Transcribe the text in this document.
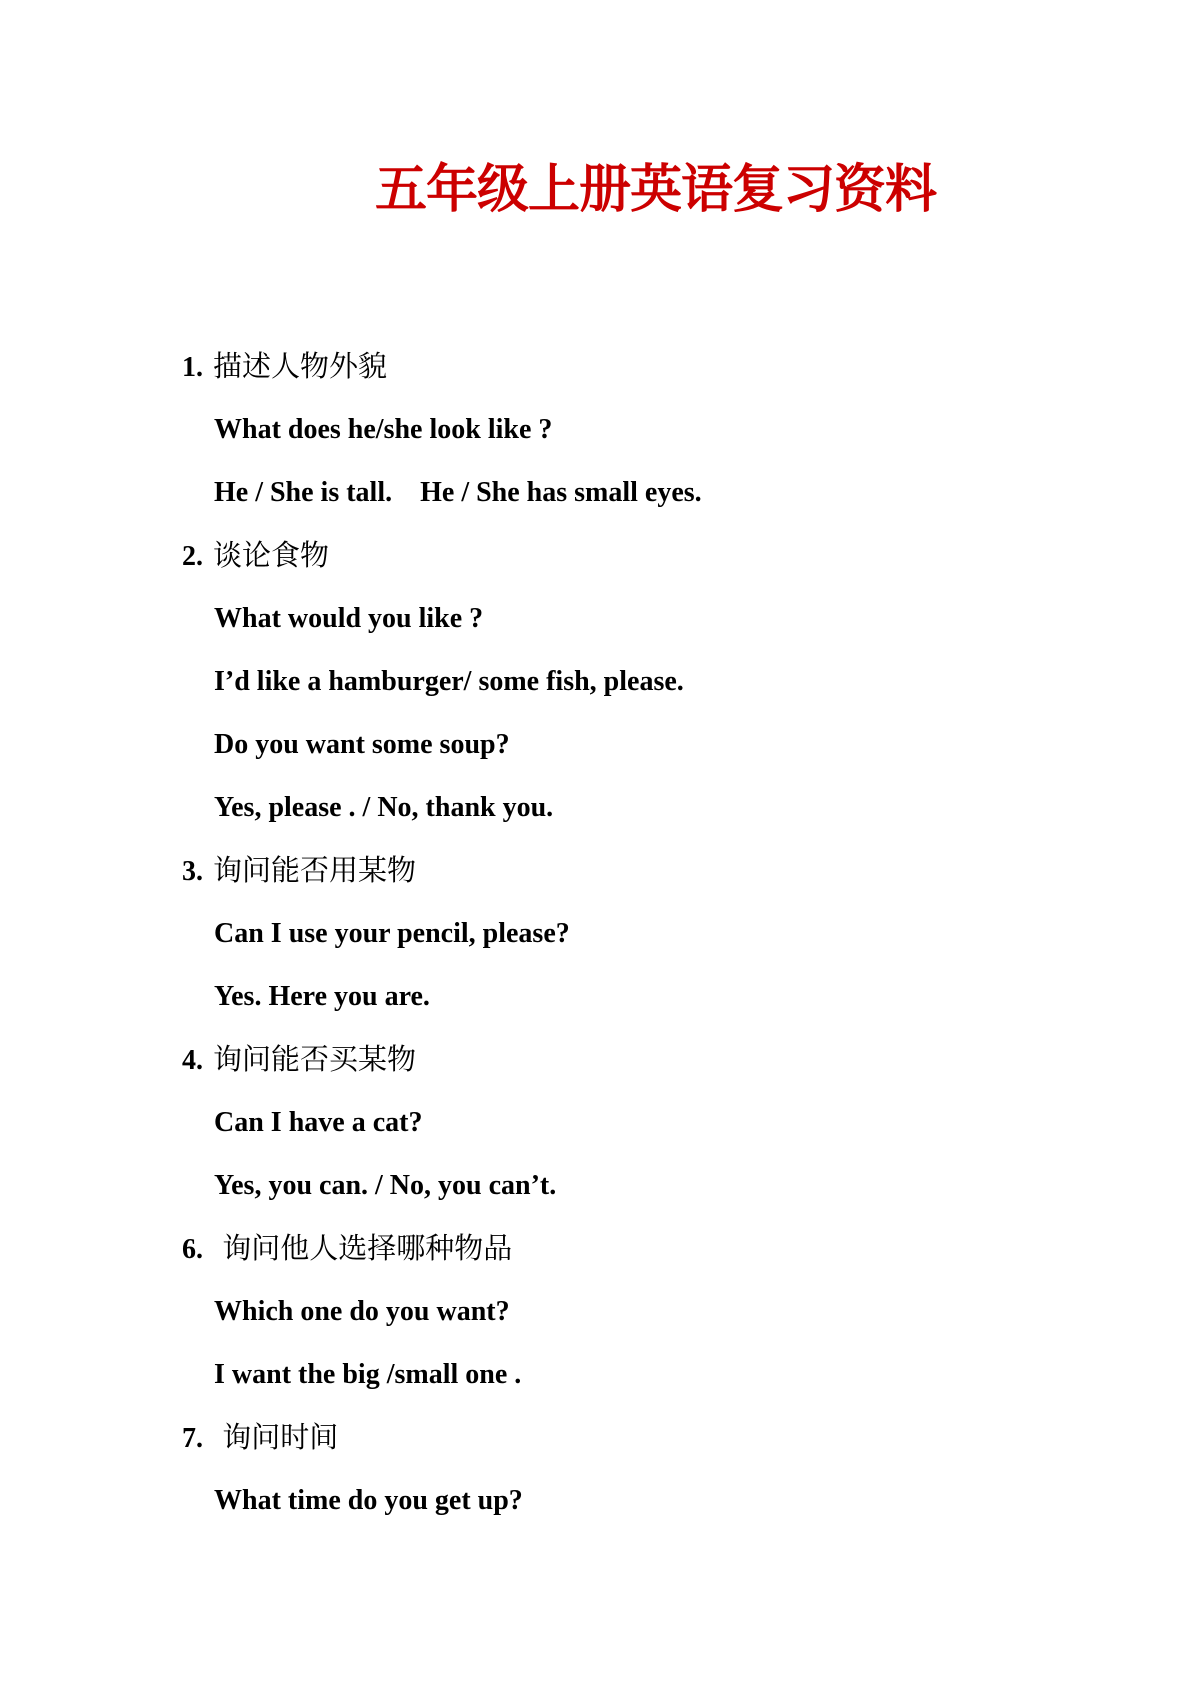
五年级上册英语复习资料
1. 描述人物外貌
What does he/she look like ?
He / She is tall.    He / She has small eyes.
2. 谈论食物
What would you like ?
I’d like a hamburger/ some fish, please.
Do you want some soup?
Yes, please . / No, thank you.
3. 询问能否用某物
Can I use your pencil, please?
Yes. Here you are.
4. 询问能否买某物
Can I have a cat?
Yes, you can. / No, you can’t.
6. 询问他人选择哪种物品
Which one do you want?
I want the big /small one .
7. 询问时间
What time do you get up?
